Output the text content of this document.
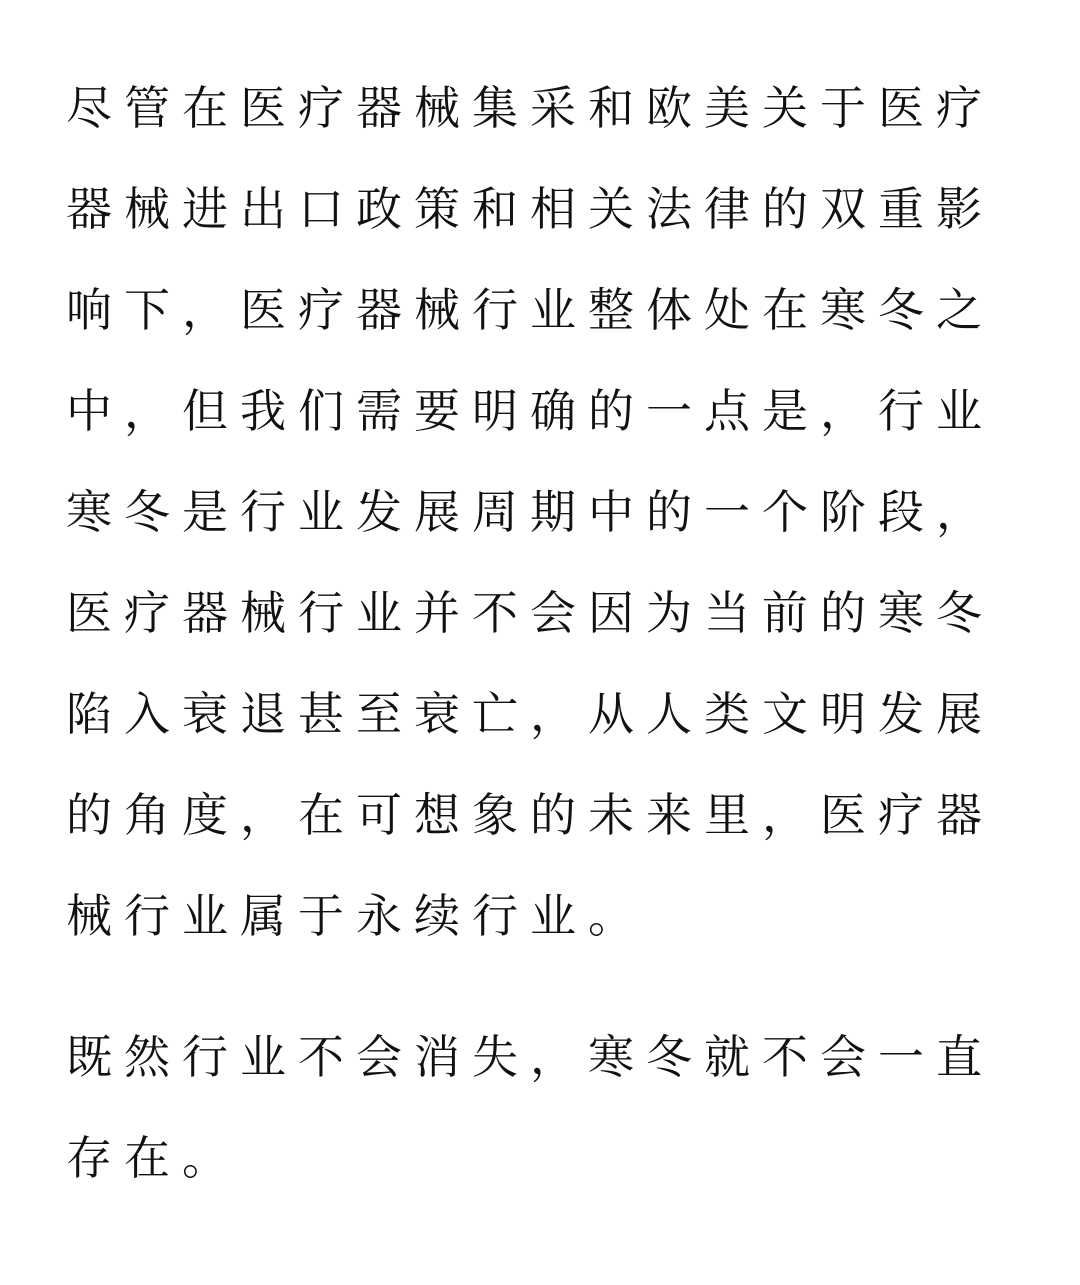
尽管在医疗器械集采和欧美关于医疗器械进出口政策和相关法律的双重影响下，医疗器械行业整体处在寒冬之中，但我们需要明确的一点是，行业寒冬是行业发展周期中的一个阶段，医疗器械行业并不会因为当前的寒冬陷入衰退甚至衰亡，从人类文明发展的角度，在可想象的未来里，医疗器械行业属于永续行业。

既然行业不会消失，寒冬就不会一直存在。
